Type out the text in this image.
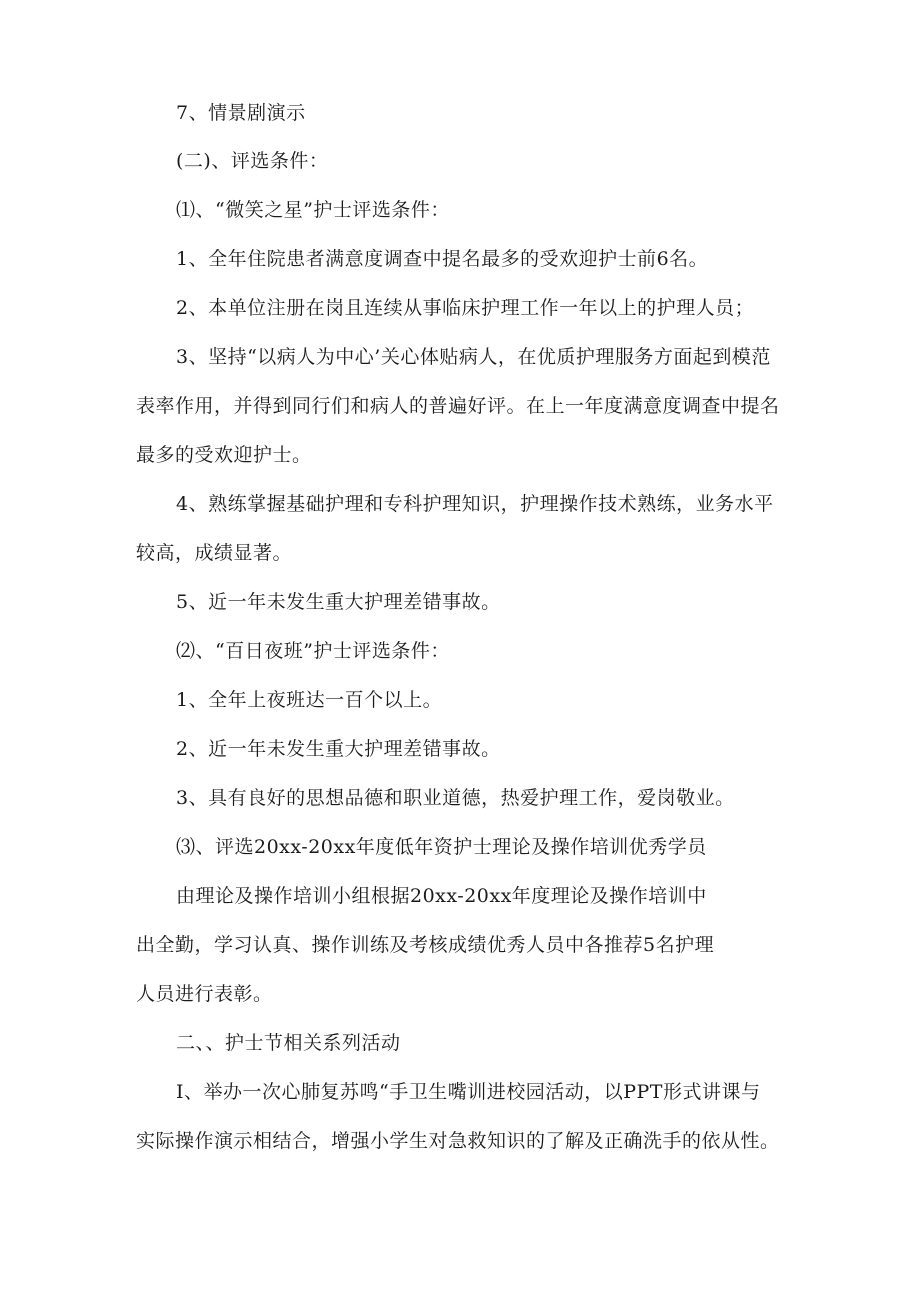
7、情景剧演示
(二)、评选条件：
⑴、“微笑之星”护士评选条件：
1、全年住院患者满意度调查中提名最多的受欢迎护士前6名。
2、本单位注册在岗且连续从事临床护理工作一年以上的护理人员；
3、坚持“以病人为中心’关心体贴病人，在优质护理服务方面起到模范
表率作用，并得到同行们和病人的普遍好评。在上一年度满意度调查中提名
最多的受欢迎护士。
4、熟练掌握基础护理和专科护理知识，护理操作技术熟练，业务水平
较高，成绩显著。
5、近一年未发生重大护理差错事故。
⑵、“百日夜班”护士评选条件：
1、全年上夜班达一百个以上。
2、近一年未发生重大护理差错事故。
3、具有良好的思想品德和职业道德，热爱护理工作，爱岗敬业。
⑶、评选20xx-20xx年度低年资护士理论及操作培训优秀学员
由理论及操作培训小组根据20xx-20xx年度理论及操作培训中
出全勤，学习认真、操作训练及考核成绩优秀人员中各推荐5名护理
人员进行表彰。
二、、护士节相关系列活动
I、举办一次心肺复苏鸣“手卫生嘴训进校园活动，以PPT形式讲课与
实际操作演示相结合，增强小学生对急救知识的了解及正确洗手的依从性。
